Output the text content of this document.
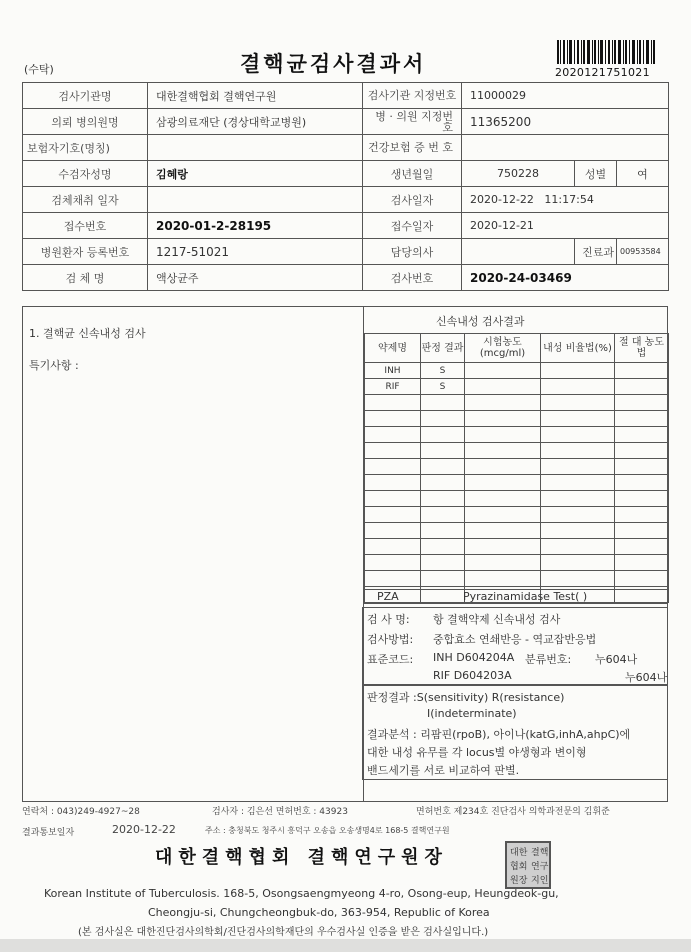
(수탁)	결핵균검사결과서	2020121751021
검사기관명	대한결핵협회 결핵연구원	검사기관 지정번호	11000029		
의뢰 병의원명	삼광의료재단 (경상대학교병원)	병 · 의원 지정번호	11365200		
보험자기호(명칭)		건강보험 증 번 호			
수검자성명	김혜랑	생년월일	750228	성별	여
검체채취 일자		검사일자	2020-12-22   11:17:54		
접수번호	2020-01-2-28195	접수일자	2020-12-21		
병원환자 등록번호	1217-51021	담당의사		진료과	00953584
검 체 명	액상균주	검사번호	2020-24-03469		
1. 결핵균 신속내성 검사
특기사항 :
신속내성 검사결과
약제명	판정 결과	시험농도 (mcg/ml)	내성 비율법(%)	절 대 농도법
INH	S			
RIF	S			

PZA	Pyrazinamidase Test( )
검 사 명: 항 결핵약제 신속내성 검사
검사방법: 중합효소 연쇄반응 - 역교잡반응법
표준코드: INH D604204A 분류번호: 누604나
RIF D604203A	누604나
판정결과 :S(sensitivity) R(resistance)
I(indeterminate)
결과분석 : 리팜핀(rpoB), 아이나(katG,inhA,ahpC)에
대한 내성 유무를 각 locus별 야생형과 변이형
밴드세기를 서로 비교하여 판별.
연락처 : 043)249-4927~28	검사자 : 김은선 면허번호 : 43923	면허번호 제234호 진단검사 의학과전문의 김휘준
결과통보일자	2020-12-22	주소 : 충청북도 청주시 흥덕구 오송읍 오송생명4로 168-5 결핵연구원
대한결핵협회 결핵연구원장	대한 결핵
협회 연구
원장 지인
Korean Institute of Tuberculosis. 168-5, Osongsaengmyeong 4-ro, Osong-eup, Heungdeok-gu,
Cheongju-si, Chungcheongbuk-do, 363-954, Republic of Korea
(본 검사실은 대한진단검사의학회/진단검사의학재단의 우수검사실 인증을 받은 검사실입니다.)
